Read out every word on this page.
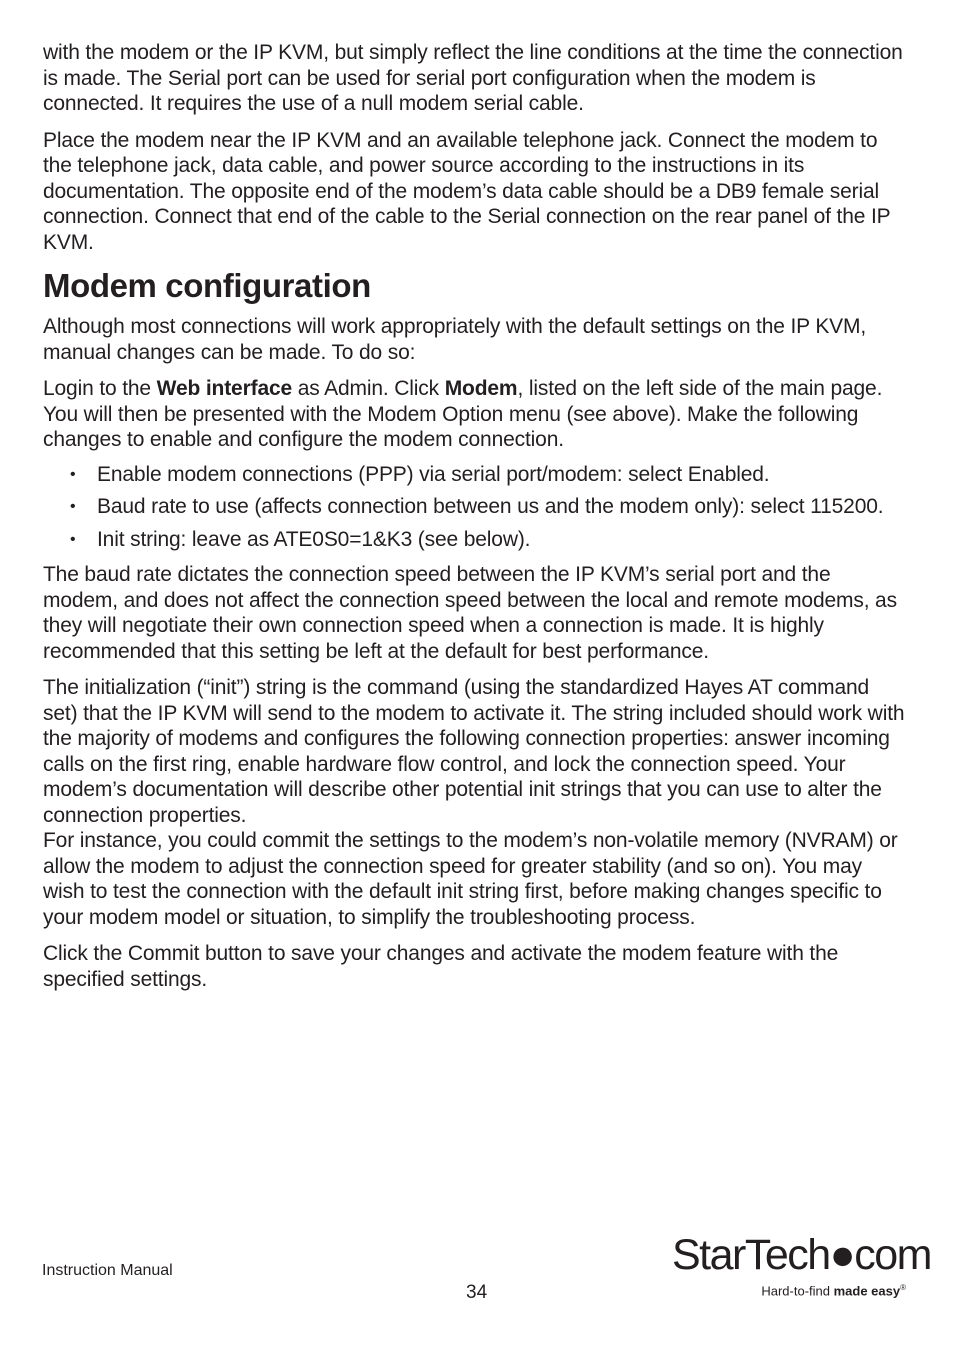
with the modem or the IP KVM, but simply reflect the line conditions at the time the connection is made. The Serial port can be used for serial port configuration when the modem is connected. It requires the use of a null modem serial cable.

Place the modem near the IP KVM and an available telephone jack. Connect the modem to the telephone jack, data cable, and power source according to the instructions in its documentation. The opposite end of the modem’s data cable should be a DB9 female serial connection. Connect that end of the cable to the Serial connection on the rear panel of the IP KVM.

Modem configuration

Although most connections will work appropriately with the default settings on the IP KVM, manual changes can be made. To do so:

Login to the Web interface as Admin. Click Modem, listed on the left side of the main page. You will then be presented with the Modem Option menu (see above). Make the following changes to enable and configure the modem connection.

• Enable modem connections (PPP) via serial port/modem: select Enabled.
• Baud rate to use (affects connection between us and the modem only): select 115200.
• Init string: leave as ATE0S0=1&K3 (see below).

The baud rate dictates the connection speed between the IP KVM’s serial port and the modem, and does not affect the connection speed between the local and remote modems, as they will negotiate their own connection speed when a connection is made. It is highly recommended that this setting be left at the default for best performance.

The initialization (“init”) string is the command (using the standardized Hayes AT command set) that the IP KVM will send to the modem to activate it. The string included should work with the majority of modems and configures the following connection properties: answer incoming calls on the first ring, enable hardware flow control, and lock the connection speed. Your modem’s documentation will describe other potential init strings that you can use to alter the connection properties.

For instance, you could commit the settings to the modem’s non-volatile memory (NVRAM) or allow the modem to adjust the connection speed for greater stability (and so on). You may wish to test the connection with the default init string first, before making changes specific to your modem model or situation, to simplify the troubleshooting process.

Click the Commit button to save your changes and activate the modem feature with the specified settings.

Instruction Manual
34
StarTech●com
Hard-to-find made easy®
